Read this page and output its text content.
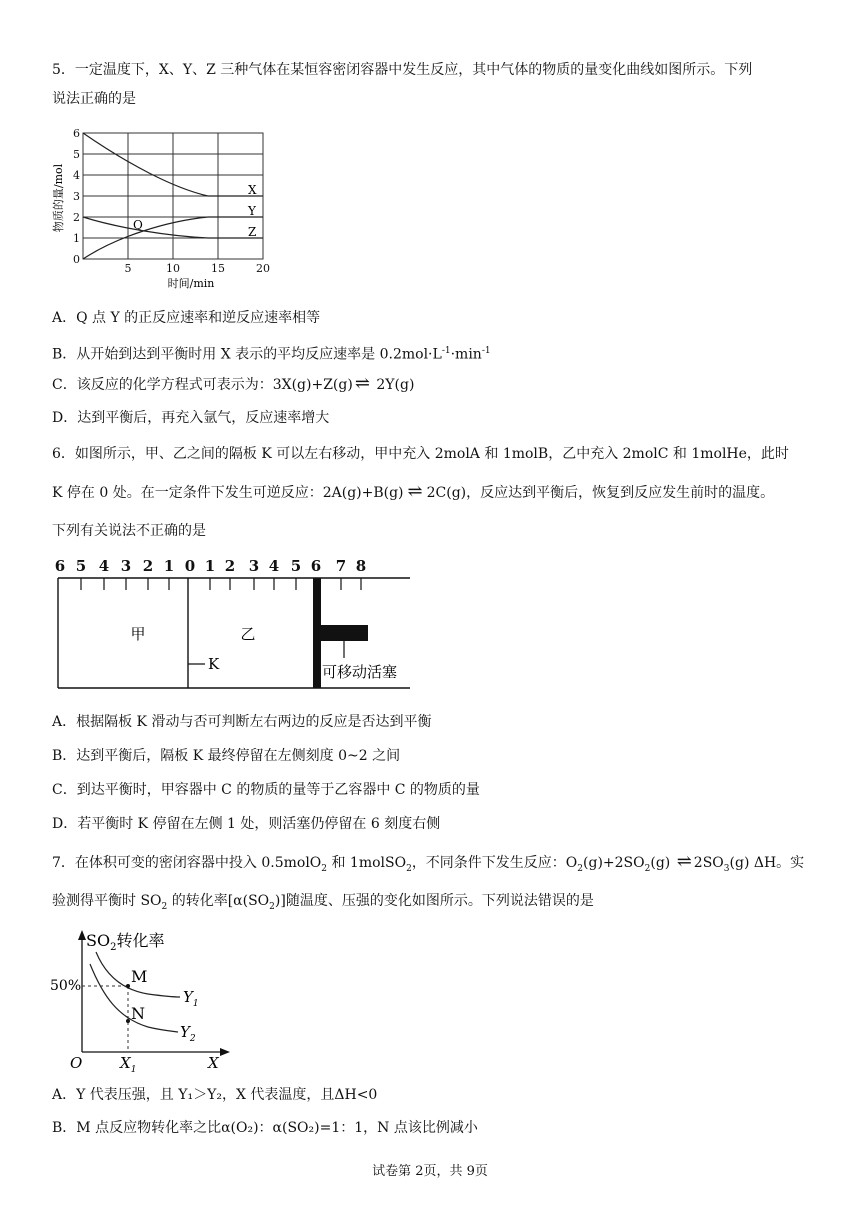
5．一定温度下，X、Y、Z 三种气体在某恒容密闭容器中发生反应，其中气体的物质的量变化曲线如图所示。下列
说法正确的是
0
1
2
3
4
5
6
5	10	15	20
时间/min
物质的量/mol	Q
X
Y
Z
A．Q 点 Y 的正反应速率和逆反应速率相等
B．从开始到达到平衡时用 X 表示的平均反应速率是 $0.2mol\cdot L^{-1}\cdot\min^{-1}$
C．该反应的化学方程式可表示为：3X(g)+Z(g) ⇌ 2Y(g)
D．达到平衡后，再充入氩气，反应速率增大
6．如图所示，甲、乙之间的隔板 K 可以左右移动，甲中充入 2molA 和 1molB，乙中充入 2molC 和 1molHe，此时
K 停在 0 处。在一定条件下发生可逆反应：2A(g)+B(g) ⇌ 2C(g)，反应达到平衡后，恢复到反应发生前时的温度。
下列有关说法不正确的是
6 5 4 3 2 1 0 1 2 3 4 5 6 7 8
甲	乙
K	可移动活塞
A．根据隔板 K 滑动与否可判断左右两边的反应是否达到平衡
B．达到平衡后，隔板 K 最终停留在左侧刻度 0~2 之间
C．到达平衡时，甲容器中 C 的物质的量等于乙容器中 C 的物质的量
D．若平衡时 K 停留在左侧 1 处，则活塞仍停留在 6 刻度右侧
7．在体积可变的密闭容器中投入 0.5molO$_2$ 和 1molSO$_2$，不同条件下发生反应：$O_2(g)+2SO_2(g)$ ⇌ $2SO_3(g)$ ΔH。实
验测得平衡时 $SO_2$ 的转化率$[\alpha(SO_2)]$随温度、压强的变化如图所示。下列说法错误的是
$SO_2$转化率
M
N
$Y_1$
$Y_2$
50%
O	$X_1$	X
A．Y 代表压强，且 Y₁＞Y₂，X 代表温度，且ΔH<0
B．M 点反应物转化率之比α(O₂)：α(SO₂)=1：1，N 点该比例减小
试卷第 2页，共 9页
